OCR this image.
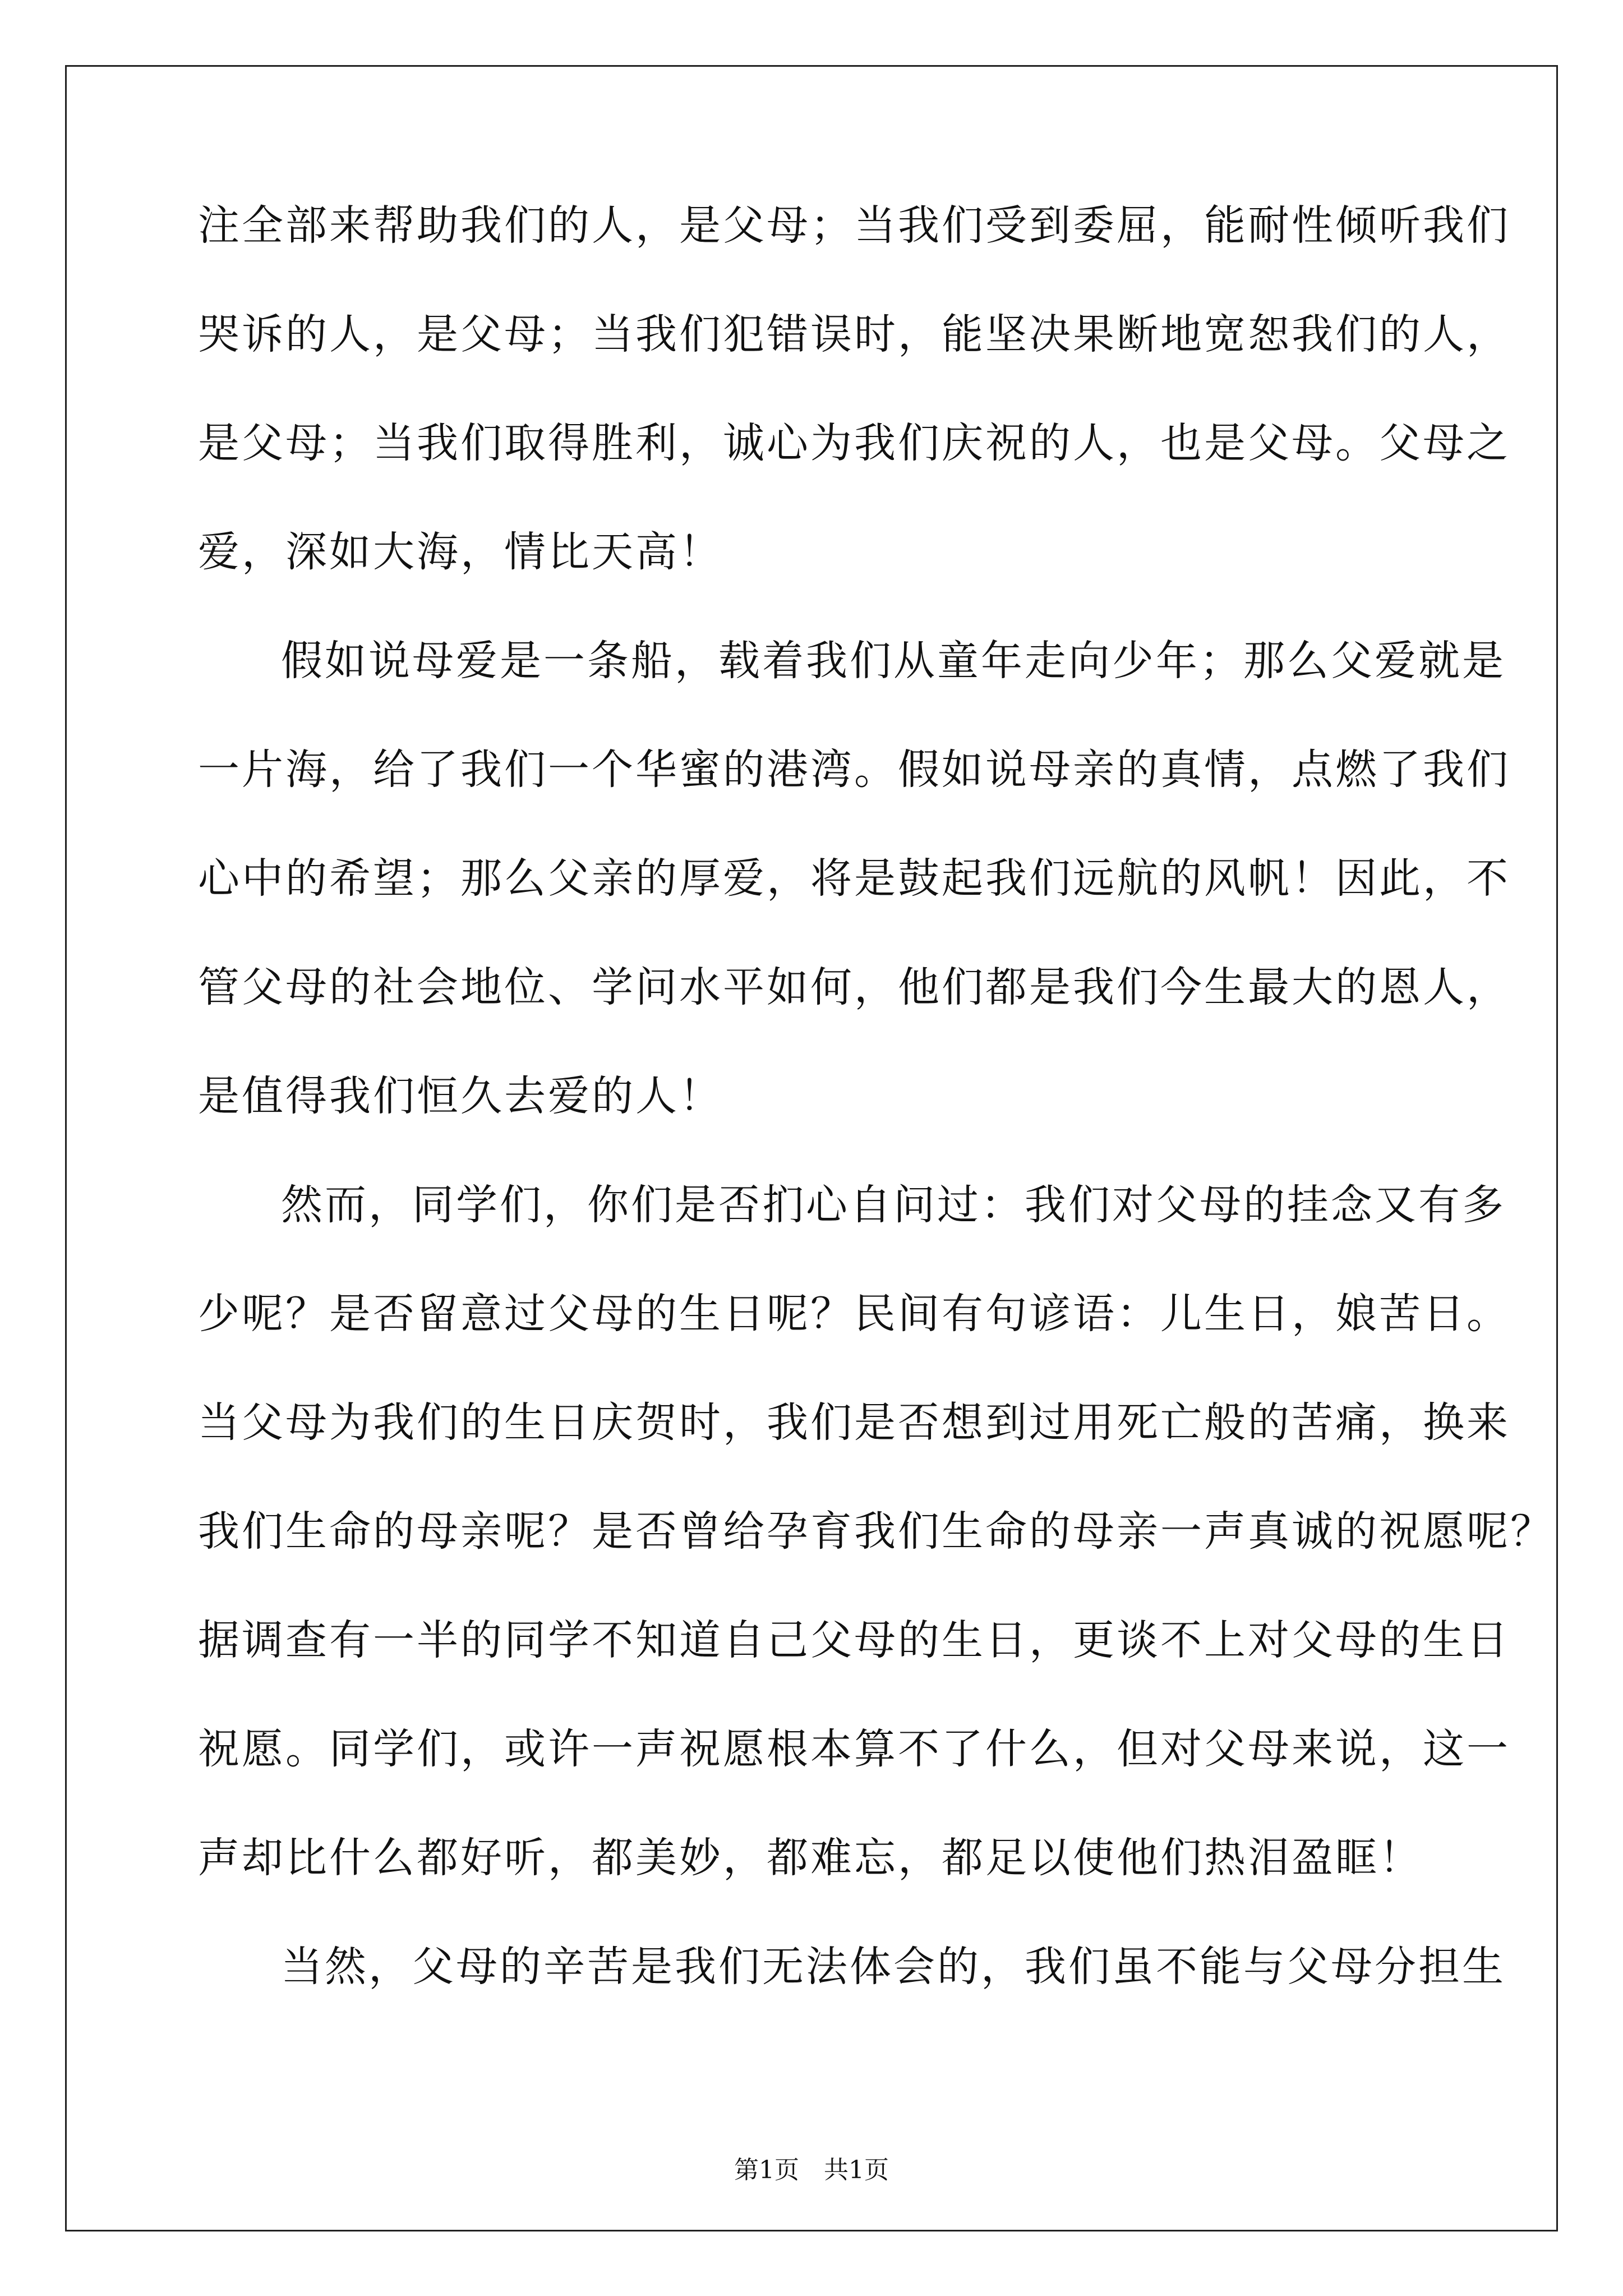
注全部来帮助我们的人，是父母；当我们受到委屈，能耐性倾听我们
哭诉的人，是父母；当我们犯错误时，能坚决果断地宽恕我们的人，
是父母；当我们取得胜利，诚心为我们庆祝的人，也是父母。父母之
爱，深如大海，情比天高！
假如说母爱是一条船，载着我们从童年走向少年；那么父爱就是
一片海，给了我们一个华蜜的港湾。假如说母亲的真情，点燃了我们
心中的希望；那么父亲的厚爱，将是鼓起我们远航的风帆！因此，不
管父母的社会地位、学问水平如何，他们都是我们今生最大的恩人，
是值得我们恒久去爱的人！
然而，同学们，你们是否扪心自问过：我们对父母的挂念又有多
少呢？是否留意过父母的生日呢？民间有句谚语：儿生日，娘苦日。
当父母为我们的生日庆贺时，我们是否想到过用死亡般的苦痛，换来
我们生命的母亲呢？是否曾给孕育我们生命的母亲一声真诚的祝愿呢？
据调查有一半的同学不知道自己父母的生日，更谈不上对父母的生日
祝愿。同学们，或许一声祝愿根本算不了什么，但对父母来说，这一
声却比什么都好听，都美妙，都难忘，都足以使他们热泪盈眶！
当然，父母的辛苦是我们无法体会的，我们虽不能与父母分担生
第1页　共1页
